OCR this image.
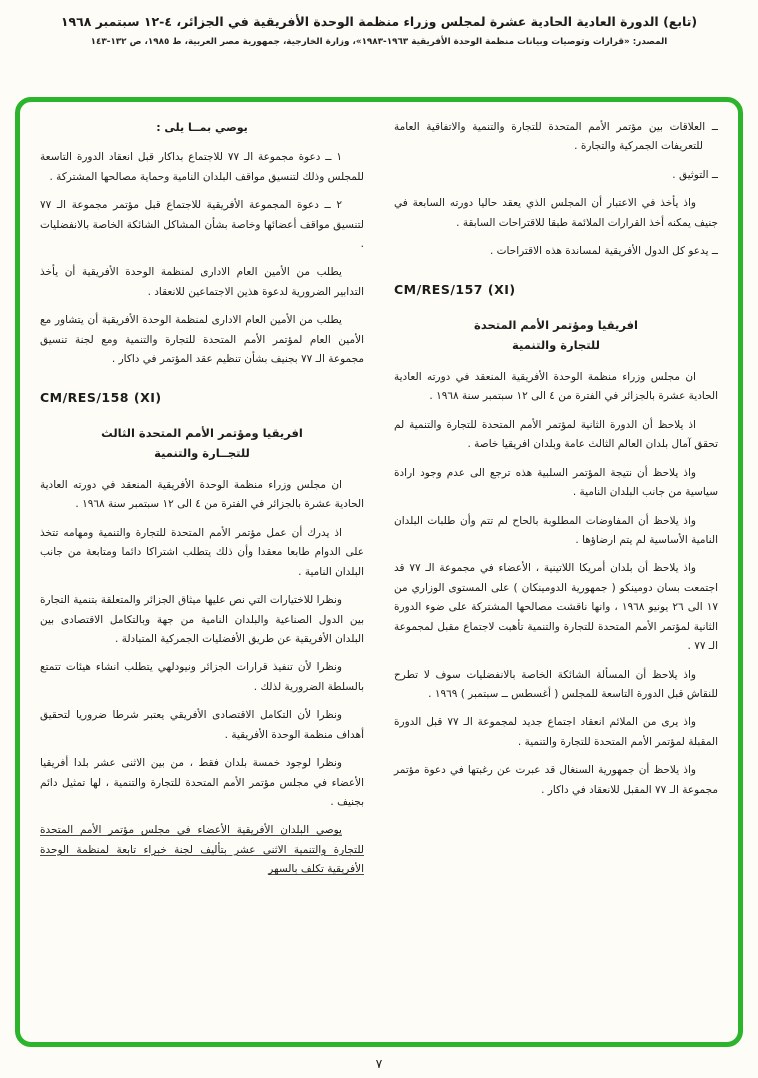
(تابع) الدورة العادية الحادية عشرة لمجلس وزراء منظمة الوحدة الأفريقية في الجزائر، ٤-١٢ سبتمبر ١٩٦٨
المصدر: «قرارات وتوصيات وبيانات منظمة الوحدة الأفريقية ١٩٦٣-١٩٨٣»، وزارة الخارجية، جمهورية مصر العربية، ط ١٩٨٥، ص ١٣٢-١٤٣

ــ العلاقات بين مؤتمر الأمم المتحدة للتجارة والتنمية والاتفاقية العامة للتعريفات الجمركية والتجارة .

ــ التوثيق .

واذ يأخذ في الاعتبار أن المجلس الذي يعقد حاليا دورته السابعة في جنيف يمكنه أخذ القرارات الملائمة طبقا للاقتراحات السابقة .

ــ يدعو كل الدول الأفريقية لمساندة هذه الاقتراحات .

CM/RES/157 (XI)
افريقيا ومؤتمر الأمم المتحدة
للتجارة والتنمية

ان مجلس وزراء منظمة الوحدة الأفريقية المنعقد في دورته العادية الحادية عشرة بالجزائر في الفترة من ٤ الى ١٢ سبتمبر سنة ١٩٦٨ .

اذ يلاحظ أن الدورة الثانية لمؤتمر الأمم المتحدة للتجارة والتنمية لم تحقق آمال بلدان العالم الثالث عامة وبلدان افريقيا خاصة .

واذ يلاحظ أن نتيجة المؤتمر السلبية هذه ترجع الى عدم وجود ارادة سياسية من جانب البلدان النامية .

واذ يلاحظ أن المفاوضات المطلوبة بالحاح لم تتم وأن طلبات البلدان النامية الأساسية لم يتم ارضاؤها .

واذ يلاحظ أن بلدان أمريكا اللاتينية ، الأعضاء في مجموعة الـ ٧٧ قد اجتمعت بسان دومينكو ( جمهورية الدومينكان ) على المستوى الوزاري من ١٧ الى ٢٦ يونيو ١٩٦٨ ، وانها ناقشت مصالحها المشتركة على ضوء الدورة الثانية لمؤتمر الأمم المتحدة للتجارة والتنمية تأهبت لاجتماع مقبل لمجموعة الـ ٧٧ .

واذ يلاحظ أن المسألة الشائكة الخاصة بالانفضليات سوف لا تطرح للنقاش قبل الدورة التاسعة للمجلس ( أغسطس ــ سبتمبر ) ١٩٦٩ .

واذ يرى من الملائم انعقاد اجتماع جديد لمجموعة الـ ٧٧ قبل الدورة المقبلة لمؤتمر الأمم المتحدة للتجارة والتنمية .

واذ يلاحظ أن جمهورية السنغال قد عبرت عن رغبتها في دعوة مؤتمر مجموعة الـ ٧٧ المقبل للانعقاد في داكار .

يوصي بمــا يلى :

١ ــ دعوة مجموعة الـ ٧٧ للاجتماع بداكار قبل انعقاد الدورة التاسعة للمجلس وذلك لتنسيق مواقف البلدان النامية وحماية مصالحها المشتركة .

٢ ــ دعوة المجموعة الأفريقية للاجتماع قبل مؤتمر مجموعة الـ ٧٧ لتنسيق مواقف أعضائها وخاصة بشأن المشاكل الشائكة الخاصة بالانفضليات .

يطلب من الأمين العام الادارى لمنظمة الوحدة الأفريقية أن يأخذ التدابير الضرورية لدعوة هذين الاجتماعين للانعقاد .

يطلب من الأمين العام الادارى لمنظمة الوحدة الأفريقية أن يتشاور مع الأمين العام لمؤتمر الأمم المتحدة للتجارة والتنمية ومع لجنة تنسيق مجموعة الـ ٧٧ بجنيف بشأن تنظيم عقد المؤتمر في داكار .

CM/RES/158 (XI)
افريقيا ومؤتمر الأمم المتحدة الثالث
للتجــارة والتنمية

ان مجلس وزراء منظمة الوحدة الأفريقية المنعقد في دورته العادية الحادية عشرة بالجزائر في الفترة من ٤ الى ١٢ سبتمبر سنة ١٩٦٨ .

اذ يدرك أن عمل مؤتمر الأمم المتحدة للتجارة والتنمية ومهامه تتخذ على الدوام طابعا معقدا وأن ذلك يتطلب اشتراكا دائما ومتابعة من جانب البلدان النامية .

ونظرا للاختيارات التي نص عليها ميثاق الجزائر والمتعلقة بتنمية التجارة بين الدول الصناعية والبلدان النامية من جهة وبالتكامل الاقتصادى بين البلدان الأفريقية عن طريق الأفضليات الجمركية المتبادلة .

ونظرا لأن تنفيذ قرارات الجزائر ونيودلهي يتطلب انشاء هيئات تتمتع بالسلطة الضرورية لذلك .

ونظرا لأن التكامل الاقتصادى الأفريقي يعتبر شرطا ضروريا لتحقيق أهداف منظمة الوحدة الأفريقية .

ونظرا لوجود خمسة بلدان فقط ، من بين الاثنى عشر بلدا أفريقيا الأعضاء في مجلس مؤتمر الأمم المتحدة للتجارة والتنمية ، لها تمثيل دائم بجنيف .

يوصي البلدان الأفريقية الأعضاء في مجلس مؤتمر الأمم المتحدة للتجارة والتنمية الاثنى عشر بتأليف لجنة خبراء تابعة لمنظمة الوحدة الأفريقية تكلف بالسهر

٧
